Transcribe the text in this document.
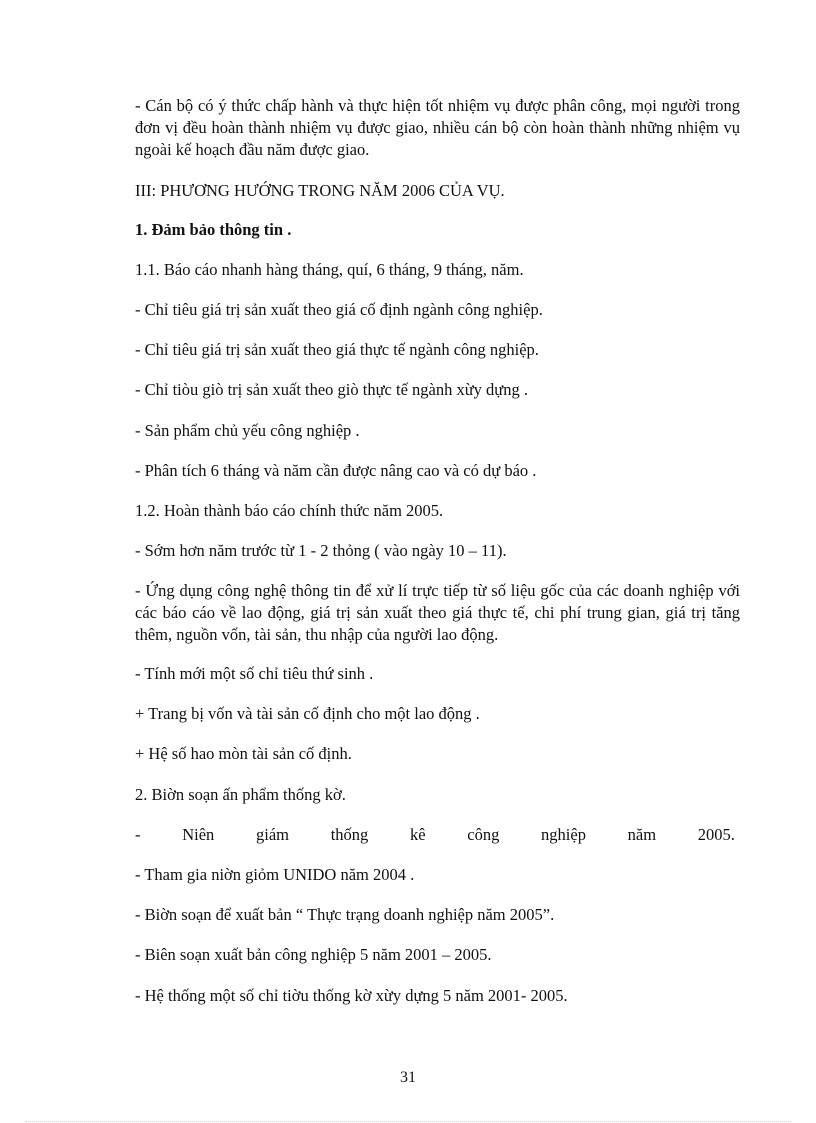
- Cán bộ có ý thức chấp hành và thực hiện tốt nhiệm vụ được phân công, mọi người trong đơn vị đều hoàn thành nhiệm vụ được giao, nhiều cán bộ còn hoàn thành những nhiệm vụ ngoài kế hoạch đầu năm được giao.

III: PHƯƠNG HƯỚNG TRONG NĂM 2006 CỦA VỤ.

1. Đảm bảo thông tin .

1.1. Báo cáo nhanh hàng tháng, quí, 6 tháng, 9 tháng, năm.

- Chỉ tiêu giá trị sản xuất theo giá cố định ngành công nghiệp.

- Chỉ tiêu giá trị sản xuất theo giá thực tế ngành công nghiệp.

- Chỉ tiòu giò trị sản xuất theo giò thực tế ngành xừy dựng .

- Sản phẩm chủ yếu công nghiệp .

- Phân tích 6 tháng và năm cần được nâng cao và có dự báo .

1.2. Hoàn thành báo cáo chính thức năm 2005.

- Sớm hơn năm trước từ 1 - 2 thỏng ( vào ngày 10 – 11).

- Ứng dụng công nghệ thông tin để xử lí trực tiếp từ số liệu gốc của các doanh nghiệp với các báo cáo về lao động, giá trị sản xuất theo giá thực tế, chi phí trung gian, giá trị tăng thêm, nguồn vốn, tài sản, thu nhập của người lao động.

- Tính mới một số chỉ tiêu thứ sinh .

+ Trang bị vốn và tài sản cố định cho một lao động .

+ Hệ số hao mòn tài sản cố định.

2. Biờn soạn ấn phẩm thống kờ.

-	Niên	giám	thống	kê	công	nghiệp	năm	2005.

- Tham gia niờn giỏm UNIDO năm 2004 .

- Biờn soạn để xuất bản “ Thực trạng doanh nghiệp năm 2005”.

- Biên soạn xuất bản công nghiệp 5 năm 2001 – 2005.

- Hệ thống một số chỉ tiờu thống kờ xừy dựng 5 năm 2001- 2005.

31
